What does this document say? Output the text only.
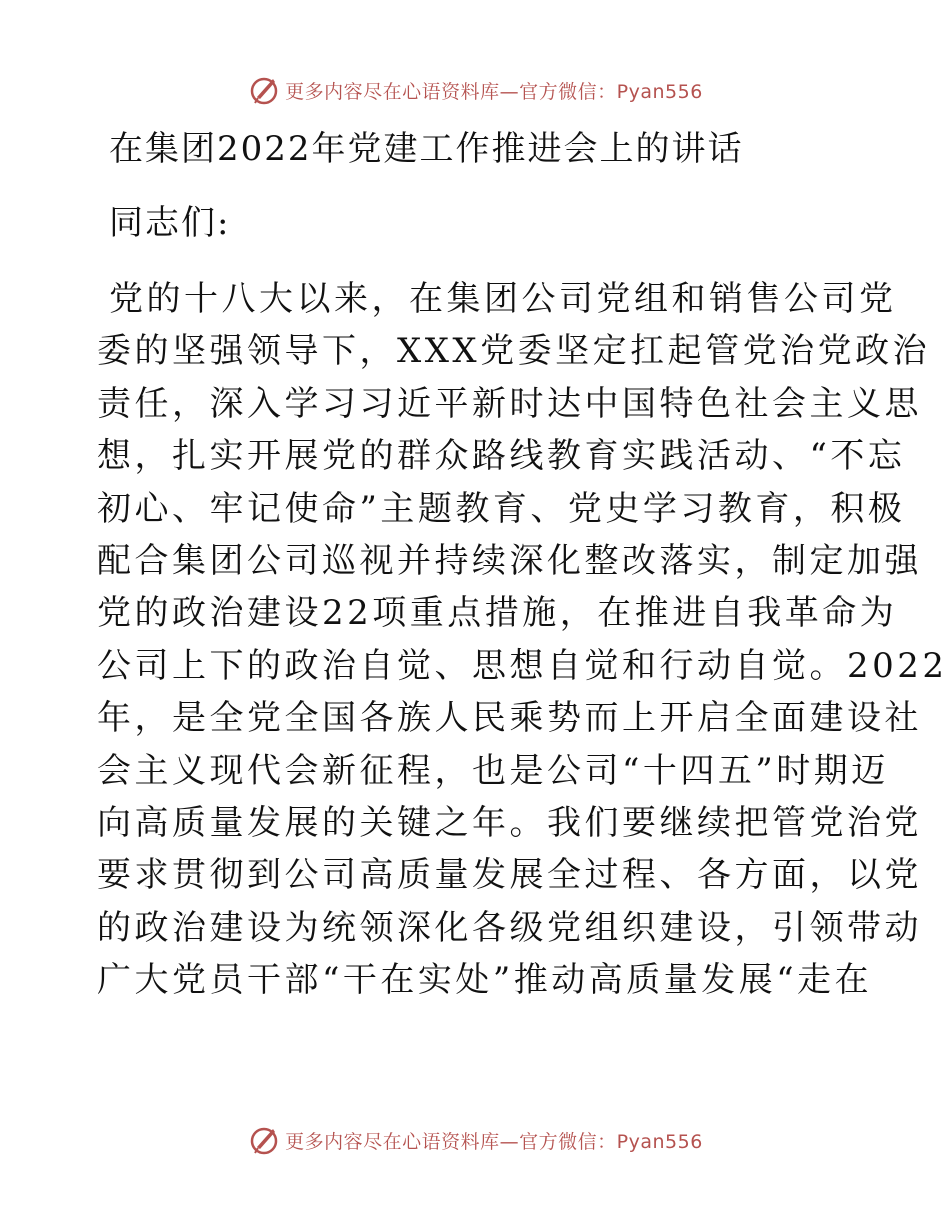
更多内容尽在心语资料库—官方微信：Pyan556
在集团2022年党建工作推进会上的讲话
同志们:
党的十八大以来，在集团公司党组和销售公司党
委的坚强领导下，XXX党委坚定扛起管党治党政治
责任，深入学习习近平新时达中国特色社会主义思
想，扎实开展党的群众路线教育实践活动、“不忘
初心、牢记使命”主题教育、党史学习教育，积极
配合集团公司巡视并持续深化整改落实，制定加强
党的政治建设22项重点措施，在推进自我革命为
公司上下的政治自觉、思想自觉和行动自觉。2022
年，是全党全国各族人民乘势而上开启全面建设社
会主义现代会新征程，也是公司“十四五”时期迈
向高质量发展的关键之年。我们要继续把管党治党
要求贯彻到公司高质量发展全过程、各方面，以党
的政治建设为统领深化各级党组织建设，引领带动
广大党员干部“干在实处”推动高质量发展“走在
更多内容尽在心语资料库—官方微信：Pyan556
